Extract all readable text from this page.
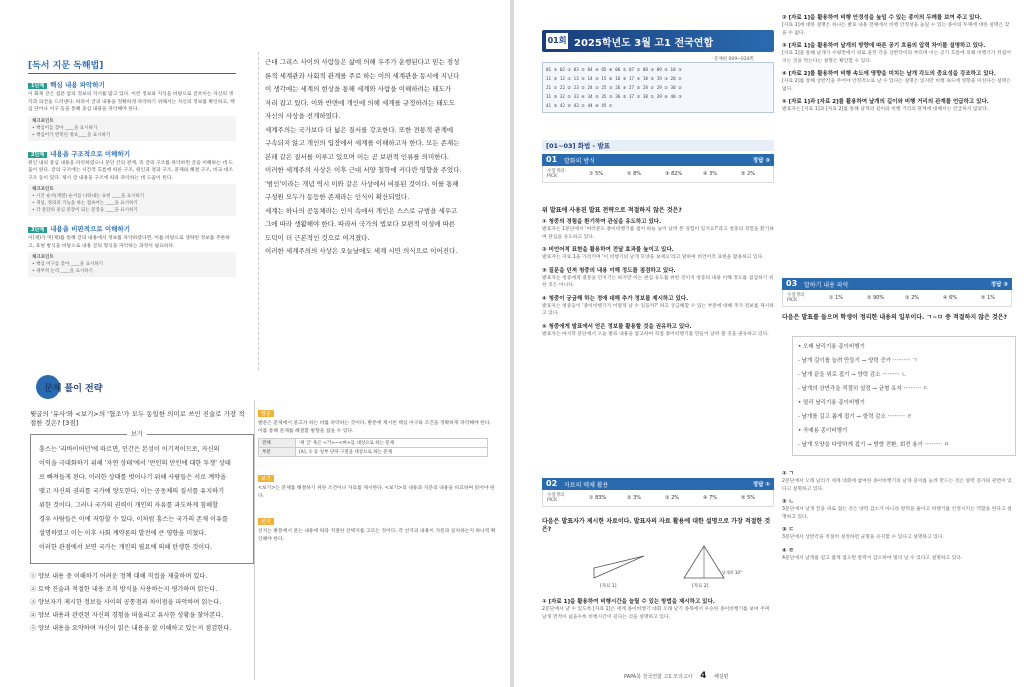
[독서 지문 독해법]
1단계 핵심 내용 파악하기
이 화제 글은 집문 압의 정보의 지시를 많고 있다. 이런 정보와 지식을 바탕으로 글쓰이는 자신의 생각과 의견을 드러낸다. 따라서 글의 내용을 정확하게 파악하기 위해서는 자신의 정보를 확인하고, 핵심 단어나 어구 등을 통해 중심 내용을 파악해야 한다.
체크포인트
• 핵심어를 찾아 ____을 표시하기
• 핵심어가 반복된 정보____을 표시하기
2단계 내용을 구조적으로 이해하기
원인 내의 중심 내용을 파악하였으나 문단 간의 관계, 즉 글의 구조를 파악하면 글을 이해하는 데 도움이 된다. 글의 구조에는 시간적 흐름에 따른 구조, 원인과 결과 구조, 문제와 해결 구조, 비교·대조 구조 등이 있다. 제시 글 내용을 구조에 따라 파악하는 데 도움이 된다.
체크포인트
• 시간 순서(계열) 순서를 나타내는 표현 ____을 표시하기
• 개념, 정의의 기능을 하는 접속어는 ____을 표시하기
• 각 문단의 중심 문장이 되는 문장을 ____을 표시하기
3단계 내용을 비판적으로 이해하기
이(제)가 미(제)를 통해 글의 내용에서 정보를 파악하였다면, 이를 바탕으로 생략된 정보를 추론하고, 표현 방식을 바탕으로 내용 글의 형식을 파악하는 과정이 필요하다.
체크포인트
• 핵심 어구를 찾아 ____을 표시하기
• 세부적 논리 ____을 표시하기
근대 그리스 사이의 사람들은 삶에 의해 우주가 운행된다고 믿는 점성
론적 세계관과 사회적 관계를 주로 하는 이의 세계관을 동시에 지닌다
이 생각에는 세계의 현상을 통해 세계와 사람을 이해하려는 태도가
자리 잡고 있다. 이와 반면에 개인에 의해 세계를 규정하려는 태도도
자신의 사상을 전개하였다.
세계주의는 국가보다 더 넓은 질서를 강조한다. 또한 전통적 관계에
구속되지 않고 개인의 입장에서 세계를 이해하고자 한다. 모든 존재는
본래 같은 질서를 이루고 있으며 이는 곧 보편적 인류를 의미한다.
이러한 세계주의 사상은 이후 근대 서양 철학에 커다란 영향을 주었다.
'범인'이라는 개념 역시 이와 같은 사상에서 비롯된 것이다. 이를 통해
구성원 모두가 동등한 존재라는 인식이 확산되었다.
세계는 하나의 공동체라는 인식 속에서 개인은 스스로 규범을 세우고
그에 따라 생활해야 한다. 따라서 국가의 법보다 보편적 이성에 따른
도덕이 더 근본적인 것으로 여겨졌다.
이러한 세계주의의 사상은 오늘날에도 세계 시민 의식으로 이어진다.
문제 풀이 전략
윗글의 '유사'와 <보기>의 '협조'가 모두 동일한 의미로 쓰인 진술로 가장 적절한 것은? [3점]
보기
흥스는 '리바이어던'에 따르면, 인간은 본성이 이기적이므로, 자신의
이익을 극대화하기 위해 '자연 상태'에서 '만인의 만인에 대한 투쟁' 상태
로 빠져들게 된다. 이러한 상태를 벗어나기 위해 사람들은 서로 계약을
맺고 자신의 권리를 국가에 양도한다. 이는 공동체의 질서를 유지하기
위한 것이다. 그러나 국가의 권력이 개인의 자유를 과도하게 침해할
경우 사람들은 이에 저항할 수 있다. 이처럼 흥스는 국가의 존재 이유를
설명하였고 이는 이후 사회 계약론의 발전에 큰 영향을 미쳤다.
이러한 관점에서 보면 국가는 개인의 필요에 의해 탄생한 것이다.
① 양보 내용 중 이해하기 어려운 정책 대해 직접을 제출하며 있다.
② 토박 진술과 적절한 내용 조직 방식을 사용하는지 평가하며 읽는다.
③ 양보자가 제시한 정보들 사이의 공통점과 차이점을 파악하며 읽는다.
④ 양보 내용과 관련된 자신의 경험을 떠올리고 유사한 상황을 찾아본다.
⑤ 양보 내용을 요약하며 자신이 읽은 내용을 잘 이해하고 있는지 점검한다.
발문
발문은 문제에서 묻고자 하는 바를 파악하는 것이다. 발문에 제시된 핵심 어구와 조건을 정확하게 파악해야 한다. 이를 통해 문제를 해결할 방향을 잡을 수 있다.
전체	'위 글' 혹은 <가>~<마>를 대상으로 하는 문제
부분	[A], ① 등 일부 단락·구절을 대상으로 하는 문제
보기
<보기>는 문제를 해결하기 위한 조건이나 자료를 제시한다. <보기>의 내용과 지문의 내용을 비교하며 읽어야 한다.
선지
선지는 발문에서 묻는 내용에 따라 적절한 선택지를 고르는 것이다. 각 선지의 내용이 지문과 일치하는지 하나씩 확인해야 한다.
01회 2025학년도 3월 고1 전국연합
문제편 009~024쪽
01 ③ 02 ① 03 ② 04 ④ 05 ④ 06 ② 07 ① 08 ③ 09 ⑤ 10 ③
11 ⑤ 12 ① 13 ⑤ 14 ⑤ 15 ④ 16 ⑤ 17 ⑤ 18 ③ 19 ③ 20 ②
21 ① 22 ② 23 ② 24 ② 25 ⑤ 26 ⑤ 27 ⑤ 28 ② 29 ② 30 ②
31 ③ 32 ⑤ 33 ④ 34 ⑤ 35 ③ 36 ⑤ 37 ⑤ 38 ② 39 ④ 40 ③
41 ③ 42 ④ 43 ② 44 ④ 45 ①
[01~03] 화법 - 발표
01 발화의 방식	정답 ③
수험생의 PICK	① 5%	② 8%	③ 82%	④ 3%	⑤ 2%
위 발표에 사용된 발표 전략으로 적절하지 않은 것은?
① 청중의 경험을 환기하여 관심을 유도하고 있다.
발표자는 1문단에서 '여러분도 종이비행기를 접어 하늘 높이 날려 본 경험이 있지요?'라고 청중의 경험을 환기하며 관심을 유도하고 있다.
② 비언어적 표현을 활용하여 전달 효과를 높이고 있다.
발표자는 자료 1을 가리키며 '이 비행기의 날개 모양을 보세요'라고 말하며 비언어적 표현을 활용하고 있다.
③ 질문을 던져 청중의 내용 이해 정도를 점검하고 있다.
발표자는 청중에게 질문을 던지기는 하지만 이는 관심 유도를 위한 것이지 청중의 내용 이해 정도를 점검하기 위한 것은 아니다.
④ 청중이 궁금해 하는 정에 대해 추가 정보를 제시하고 있다.
발표자는 청중들이 '종이비행기가 어떻게 날 수 있을까?' 하고 궁금해할 수 있는 부분에 대해 추가 정보를 제시하고 있다.
⑤ 청중에게 발표에서 얻은 정보를 활용할 것을 권유하고 있다.
발표자는 마지막 문단에서 오늘 발표 내용을 참고하여 직접 종이비행기를 만들어 날려 볼 것을 권유하고 있다.
02 자료의 매체 활용	정답 ①
수험생의 PICK	① 83%	② 3%	③ 2%	④ 7%	⑤ 5%
다음은 발표자가 제시한 자료이다. 발표자의 자료 활용에 대한 설명으로 가장 적절한 것은?
[자료 1]	[자료 2]
날개각 10°
① [자료 1]을 활용하여 비행시간을 늘릴 수 있는 방법을 제시하고 있다.
2문단에서 날 수 있도록 [자료 1]은 세계 종이비행기 대회 오래 날기 종목에서 우승한 종이비행기를 보여 주며 날개 면적이 넓을수록 비행시간이 길다는 것을 설명하고 있다.
② [자료 1]을 활용하여 비행 안정성을 높일 수 있는 종이의 두께를 보여 주고 있다.
[자료 1]에 대한 설명은 하나는 발표 내용 전체에서 비행 안정성을 높일 수 있는 종이의 두께에 대한 설명은 찾을 수 없다.
③ [자료 1]을 활용하여 날개의 방향에 따른 공기 흐름의 압력 차이를 설명하고 있다.
[자료 1]을 통해 날개가 수평면에서 위로 올린 각을 상반각이라 부르며 이는 공기 흐름에 의해 비행기가 뒤집어지는 것을 막는다는 설명은 확인할 수 있다.
④ [자료 2]를 활용하여 비행 속도에 영향을 미치는 날개 각도의 중요성을 강조하고 있다.
[자료 2]를 통해 상반각을 주어야 안정적으로 날 수 있다는 설명은 있지만 비행 속도에 영향을 미친다는 설명은 없다.
⑤ [자료 1]과 [자료 2]를 활용하여 날개의 길이와 비행 거리의 관계를 언급하고 있다.
발표자는 [자료 1]과 [자료 2]를 통해 날개의 길이와 비행 거리의 관계에 대해서는 언급하지 않았다.
03 말하기 내용 파악	정답 ②
수험생의 PICK	① 1%	② 90%	③ 2%	④ 6%	⑤ 1%
다음은 발표를 들으며 학생이 정리한 내용의 일부이다. ㄱ~ㅁ 중 적절하지 않은 것은?
• 오래 날리기용 종이비행기
- 날개 길이를 늘려 만들기 → 양력 증가 ·········· ㄱ
- 날개 끝을 위로 접기 → 양력 감소 ·········· ㄴ
- 날개의 상반각을 적절히 설정 → 균형 유지 ·········· ㄷ
• 멀리 날리기용 종이비행기
- 날개를 길고 좁게 접기 → 항력 감소 ·········· ㄹ
• 곡예용 종이비행기
- 날개 모양을 다양하게 접기 → 방향 전환, 회전 용이 ·········· ㅁ
① ㄱ
2문단에서 오래 날리기 세계 대회에 참여한 종이비행기의 날개 길이를 늘려 만드는 것은 양력 증가와 관련이 있다고 설명하고 있다.
② ㄴ
3문단에서 날개 끝을 위로 접는 것은 양력 감소가 아니라 항력을 줄이고 비행기를 안정시키는 역할을 한다고 설명하고 있다.
③ ㄷ
3문단에서 상반각을 적절히 설정하면 균형을 유지할 수 있다고 설명하고 있다.
④ ㄹ
4문단에서 날개를 길고 좁게 접으면 항력이 감소하여 멀리 날 수 있다고 설명하고 있다.
PAPA북 전국연합 고1 모의고사 4 해설편
